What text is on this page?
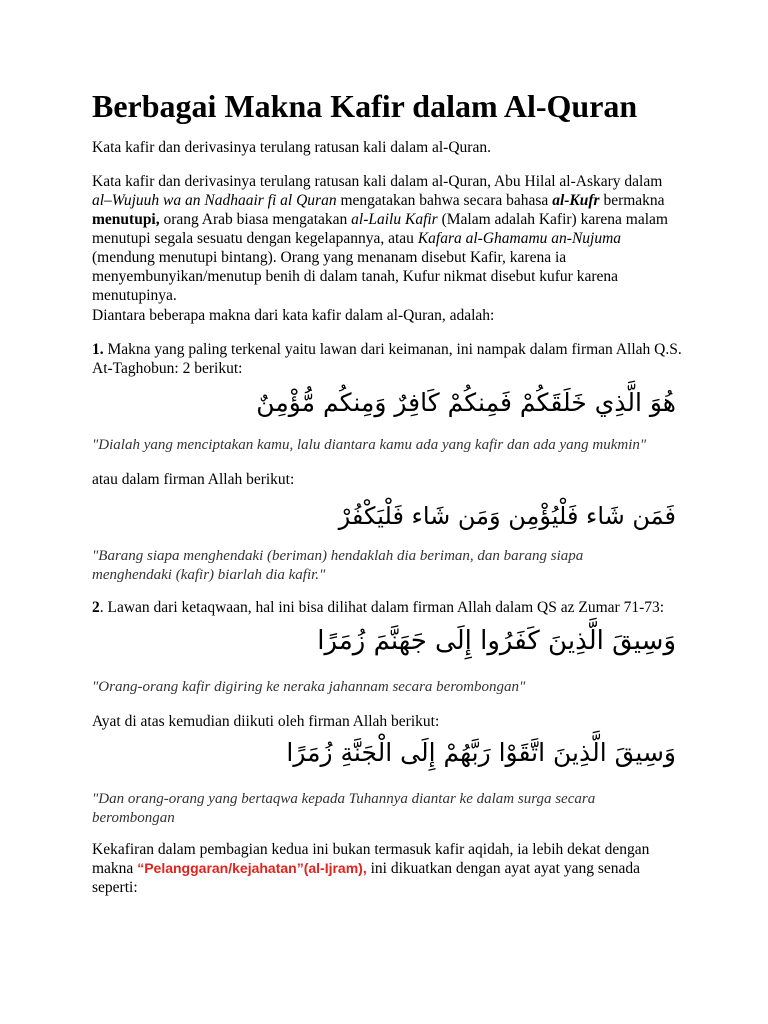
Berbagai Makna Kafir dalam Al-Quran

Kata kafir dan derivasinya terulang ratusan kali dalam al-Quran.

Kata kafir dan derivasinya terulang ratusan kali dalam al-Quran, Abu Hilal al-Askary dalam al–Wujuuh wa an Nadhaair fi al Quran mengatakan bahwa secara bahasa al-Kufr bermakna menutupi, orang Arab biasa mengatakan al-Lailu Kafir (Malam adalah Kafir) karena malam menutupi segala sesuatu dengan kegelapannya, atau Kafara al-Ghamamu an-Nujuma (mendung menutupi bintang). Orang yang menanam disebut Kafir, karena ia menyembunyikan/menutup benih di dalam tanah, Kufur nikmat disebut kufur karena menutupinya.

Diantara beberapa makna dari kata kafir dalam al-Quran, adalah:

1. Makna yang paling terkenal yaitu lawan dari keimanan, ini nampak dalam firman Allah Q.S. At-Taghobun: 2 berikut:

هُوَ الَّذِي خَلَقَكُمْ فَمِنكُمْ كَافِرٌ وَمِنكُم مُّؤْمِنٌ

"Dialah yang menciptakan kamu, lalu diantara kamu ada yang kafir dan ada yang mukmin"

atau dalam firman Allah berikut:

فَمَن شَاء فَلْيُؤْمِن وَمَن شَاء فَلْيَكْفُرْ

"Barang siapa menghendaki (beriman) hendaklah dia beriman, dan barang siapa menghendaki (kafir) biarlah dia kafir."

2. Lawan dari ketaqwaan, hal ini bisa dilihat dalam firman Allah dalam QS az Zumar 71-73:

وَسِيقَ الَّذِينَ كَفَرُوا إِلَى جَهَنَّمَ زُمَرًا

"Orang-orang kafir digiring ke neraka jahannam secara berombongan"

Ayat di atas kemudian diikuti oleh firman Allah berikut:

وَسِيقَ الَّذِينَ اتَّقَوْا رَبَّهُمْ إِلَى الْجَنَّةِ زُمَرًا

"Dan orang-orang yang bertaqwa kepada Tuhannya diantar ke dalam surga secara berombongan

Kekafiran dalam pembagian kedua ini bukan termasuk kafir aqidah, ia lebih dekat dengan makna “Pelanggaran/kejahatan”(al-Ijram), ini dikuatkan dengan ayat ayat yang senada seperti:
